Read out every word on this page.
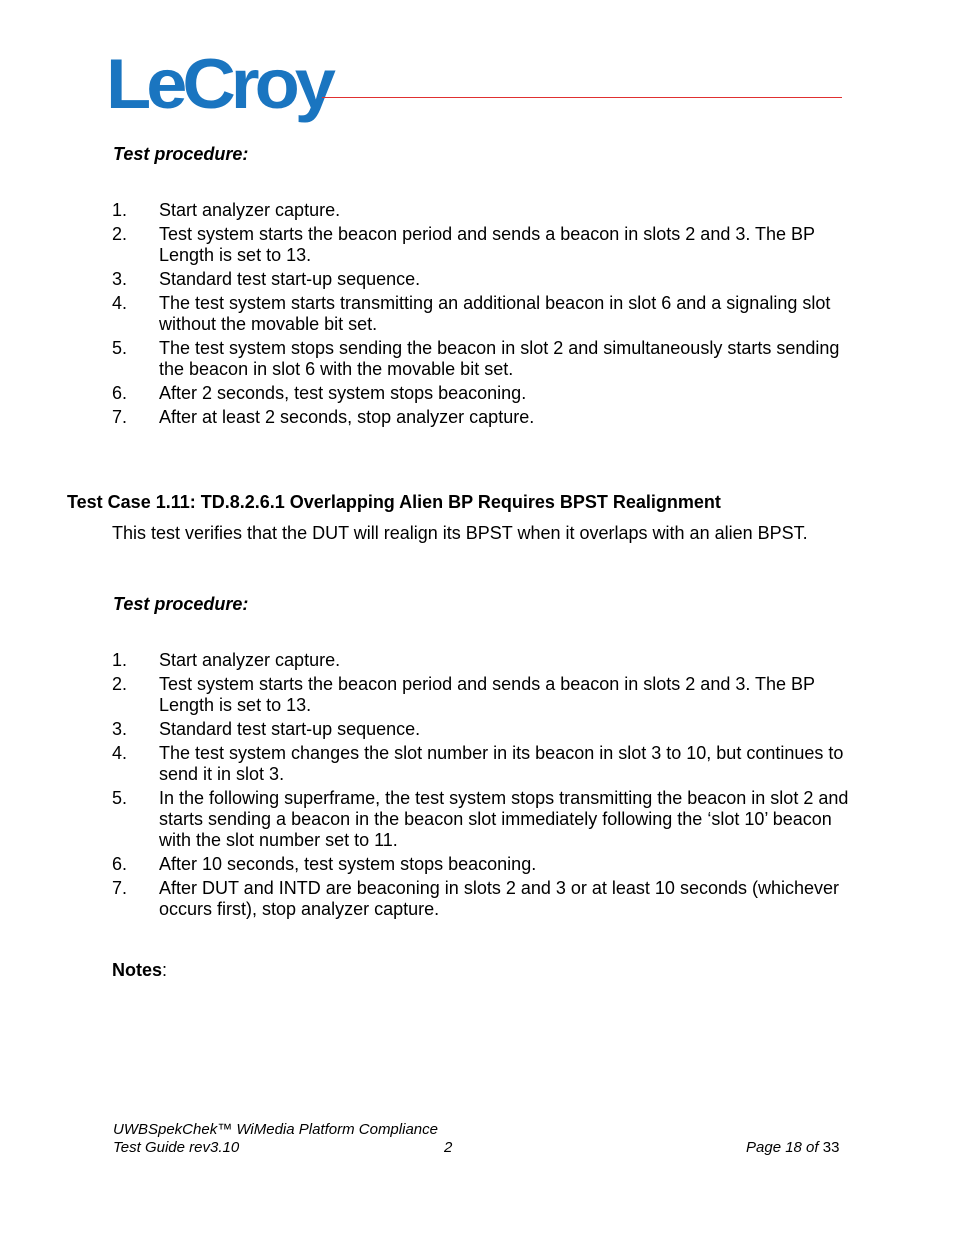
LeCroy
Test procedure:
1. Start analyzer capture.
2. Test system starts the beacon period and sends a beacon in slots 2 and 3. The BP Length is set to 13.
3. Standard test start-up sequence.
4. The test system starts transmitting an additional beacon in slot 6 and a signaling slot without the movable bit set.
5. The test system stops sending the beacon in slot 2 and simultaneously starts sending the beacon in slot 6 with the movable bit set.
6. After 2 seconds, test system stops beaconing.
7. After at least 2 seconds, stop analyzer capture.
Test Case 1.11: TD.8.2.6.1 Overlapping Alien BP Requires BPST Realignment
This test verifies that the DUT will realign its BPST when it overlaps with an alien BPST.
Test procedure:
1. Start analyzer capture.
2. Test system starts the beacon period and sends a beacon in slots 2 and 3. The BP Length is set to 13.
3. Standard test start-up sequence.
4. The test system changes the slot number in its beacon in slot 3 to 10, but continues to send it in slot 3.
5. In the following superframe, the test system stops transmitting the beacon in slot 2 and starts sending a beacon in the beacon slot immediately following the ‘slot 10’ beacon with the slot number set to 11.
6. After 10 seconds, test system stops beaconing.
7. After DUT and INTD are beaconing in slots 2 and 3 or at least 10 seconds (whichever occurs first), stop analyzer capture.
Notes:
UWBSpekChek™ WiMedia Platform Compliance
Test Guide rev3.10	2	Page 18 of 33
